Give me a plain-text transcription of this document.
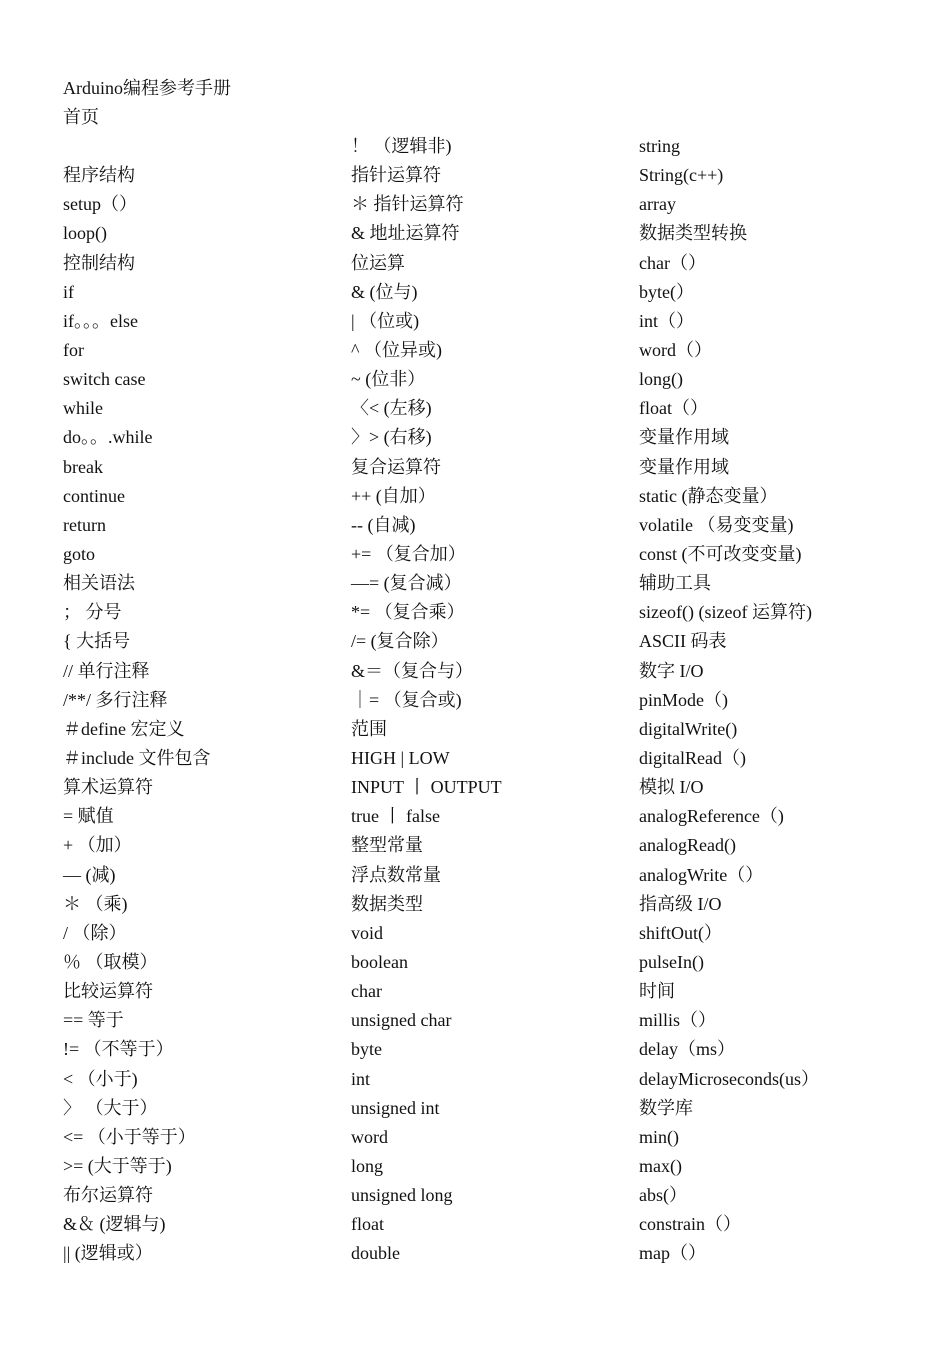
Arduino编程参考手册
首页
程序结构
setup（）
loop()
控制结构
if
if。。。else
for
switch case
while
do。。.while
break
continue
return
goto
相关语法
； 分号
{ 大括号
// 单行注释
/**/ 多行注释
＃define 宏定义
＃include 文件包含
算术运算符
= 赋值
+ （加）
— (减)
＊ （乘)
/ （除）
％ （取模）
比较运算符
== 等于
!= （不等于）
< （小于)
〉 （大于）
<= （小于等于）
>= (大于等于)
布尔运算符
&＆ (逻辑与)
|| (逻辑或）
！ （逻辑非)
指针运算符
＊ 指针运算符
& 地址运算符
位运算
& (位与)
| （位或)
^ （位异或)
~ (位非）
〈< (左移)
〉> (右移)
复合运算符
++ (自加）
-- (自减)
+= （复合加）
—= (复合减）
*= （复合乘）
/= (复合除）
&＝（复合与）
｜= （复合或)
范围
HIGH | LOW
INPUT 丨 OUTPUT
true 丨 false
整型常量
浮点数常量
数据类型
void
boolean
char
unsigned char
byte
int
unsigned int
word
long
unsigned long
float
double
string
String(c++)
array
数据类型转换
char（）
byte(）
int（）
word（）
long()
float（）
变量作用域
变量作用域
static (静态变量）
volatile （易变变量)
const (不可改变变量)
辅助工具
sizeof() (sizeof 运算符)
ASCII 码表
数字 I/O
pinMode（)
digitalWrite()
digitalRead（)
模拟 I/O
analogReference（)
analogRead()
analogWrite（）
指高级 I/O
shiftOut(）
pulseIn()
时间
millis（）
delay（ms）
delayMicroseconds(us）
数学库
min()
max()
abs(）
constrain（）
map（）
